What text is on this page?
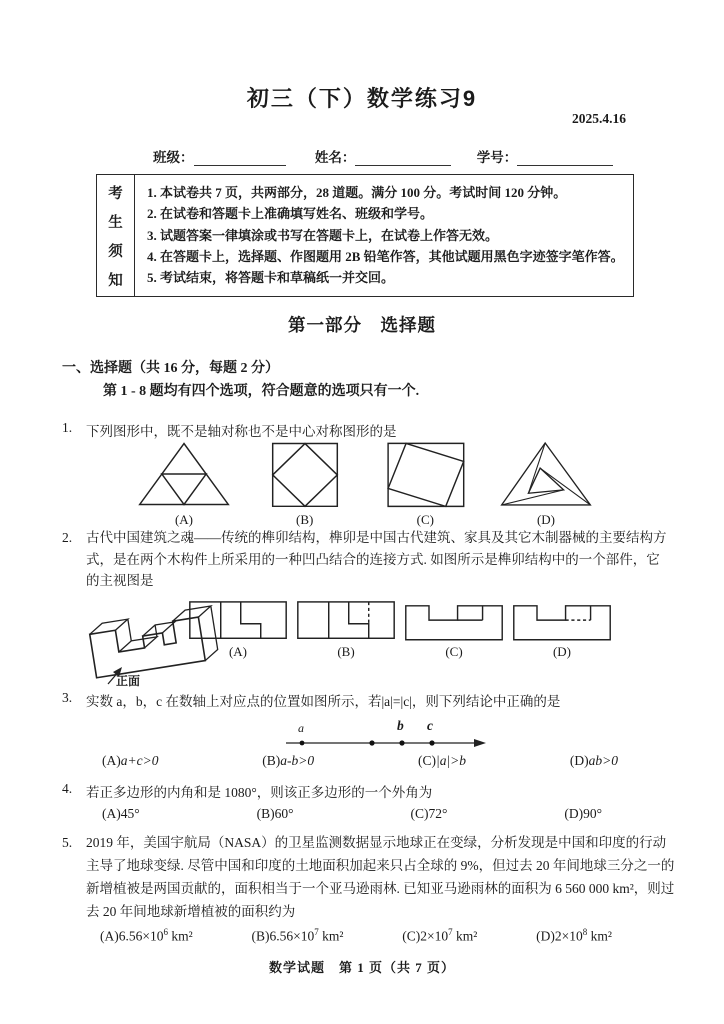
初三（下）数学练习9
2025.4.16
班级：	姓名：	学号：
考
生
须
知
1. 本试卷共 7 页，共两部分，28 道题。满分 100 分。考试时间 120 分钟。
2. 在试卷和答题卡上准确填写姓名、班级和学号。
3. 试题答案一律填涂或书写在答题卡上，在试卷上作答无效。
4. 在答题卡上，选择题、作图题用 2B 铅笔作答，其他试题用黑色字迹签字笔作答。
5. 考试结束，将答题卡和草稿纸一并交回。
第一部分　选择题
一、选择题（共 16 分，每题 2 分）
第 1 - 8 题均有四个选项，符合题意的选项只有一个.
1.	下列图形中，既不是轴对称也不是中心对称图形的是
(A)	(B)	(C)	(D)
2.	古代中国建筑之魂——传统的榫卯结构，榫卯是中国古代建筑、家具及其它木制器械的主要结构方式，是在两个木构件上所采用的一种凹凸结合的连接方式. 如图所示是榫卯结构中的一个部件，它的主视图是
正面
(A)	(B)	(C)	(D)
3.	实数 a，b，c 在数轴上对应点的位置如图所示，若|a|=|c|，则下列结论中正确的是
a	b c
(A)a+c>0	(B)a-b>0	(C)|a|>b	(D)ab>0
4.	若正多边形的内角和是 1080°，则该正多边形的一个外角为
(A)45°	(B)60°	(C)72°	(D)90°
5.	2019 年，美国宇航局（NASA）的卫星监测数据显示地球正在变绿，分析发现是中国和印度的行动主导了地球变绿. 尽管中国和印度的土地面积加起来只占全球的 9%，但过去 20 年间地球三分之一的新增植被是两国贡献的，面积相当于一个亚马逊雨林. 已知亚马逊雨林的面积为 6 560 000 km²，则过去 20 年间地球新增植被的面积约为
$(A)6.56\times 10^6$ km²	$(B)6.56\times 10^7$ km²	$(C)2\times 10^7$ km²	$(D)2\times 10^8$ km²
数学试题　第 1 页（共 7 页）
